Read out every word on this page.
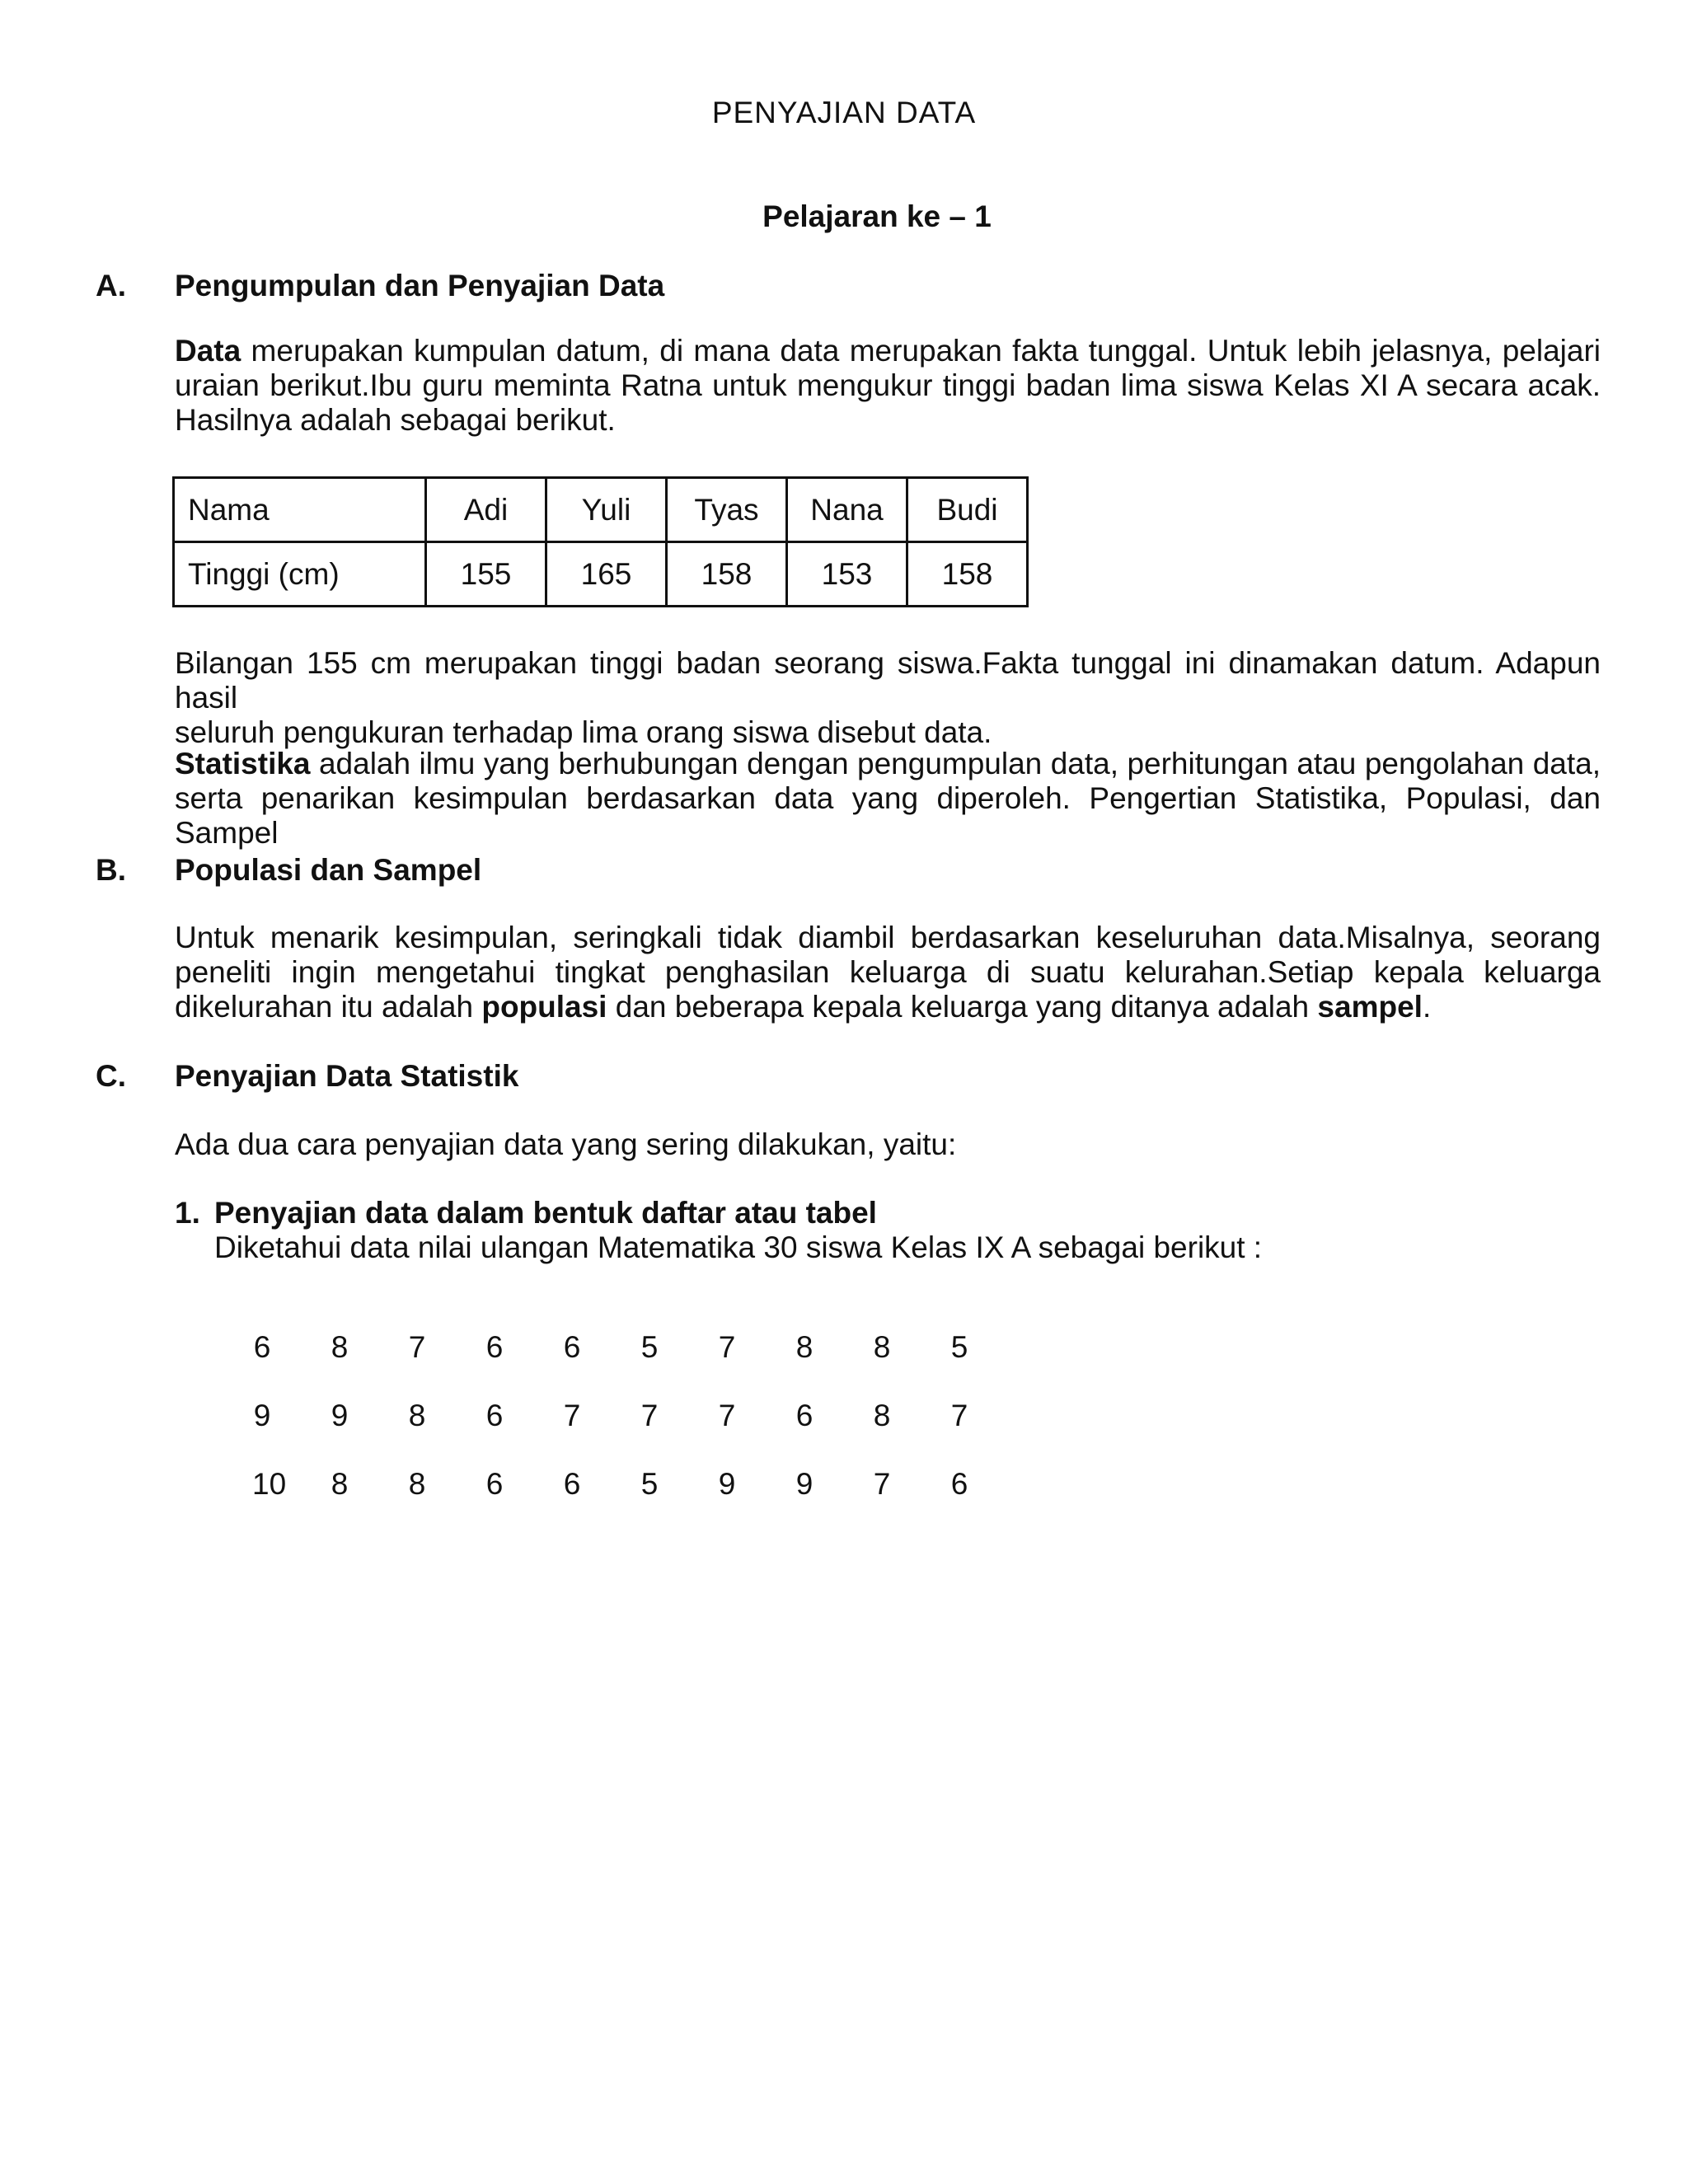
PENYAJIAN DATA
Pelajaran ke – 1
A. Pengumpulan dan Penyajian Data
Data merupakan kumpulan datum, di mana data merupakan fakta tunggal. Untuk lebih jelasnya, pelajari
uraian berikut.Ibu guru meminta Ratna untuk mengukur tinggi badan lima siswa Kelas XI A secara acak.
Hasilnya adalah sebagai berikut.
Nama	Adi	Yuli	Tyas	Nana	Budi
Tinggi (cm)	155	165	158	153	158
Bilangan 155 cm merupakan tinggi badan seorang siswa.Fakta tunggal ini dinamakan datum. Adapun hasil
seluruh pengukuran terhadap lima orang siswa disebut data.
Statistika adalah ilmu yang berhubungan dengan pengumpulan data, perhitungan atau pengolahan data,
serta penarikan kesimpulan berdasarkan data yang diperoleh. Pengertian Statistika, Populasi, dan Sampel
B. Populasi dan Sampel
Untuk menarik kesimpulan, seringkali tidak diambil berdasarkan keseluruhan data.Misalnya, seorang
peneliti ingin mengetahui tingkat penghasilan keluarga di suatu kelurahan.Setiap kepala keluarga
dikelurahan itu adalah populasi dan beberapa kepala keluarga yang ditanya adalah sampel.
C. Penyajian Data Statistik
Ada dua cara penyajian data yang sering dilakukan, yaitu:
1. Penyajian data dalam bentuk daftar atau tabel
Diketahui data nilai ulangan Matematika 30 siswa Kelas IX A sebagai berikut :
6 8 7 6 6 5 7 8 8 5
9 9 8 6 7 7 7 6 8 7
10 8 8 6 6 5 9 9 7 6
